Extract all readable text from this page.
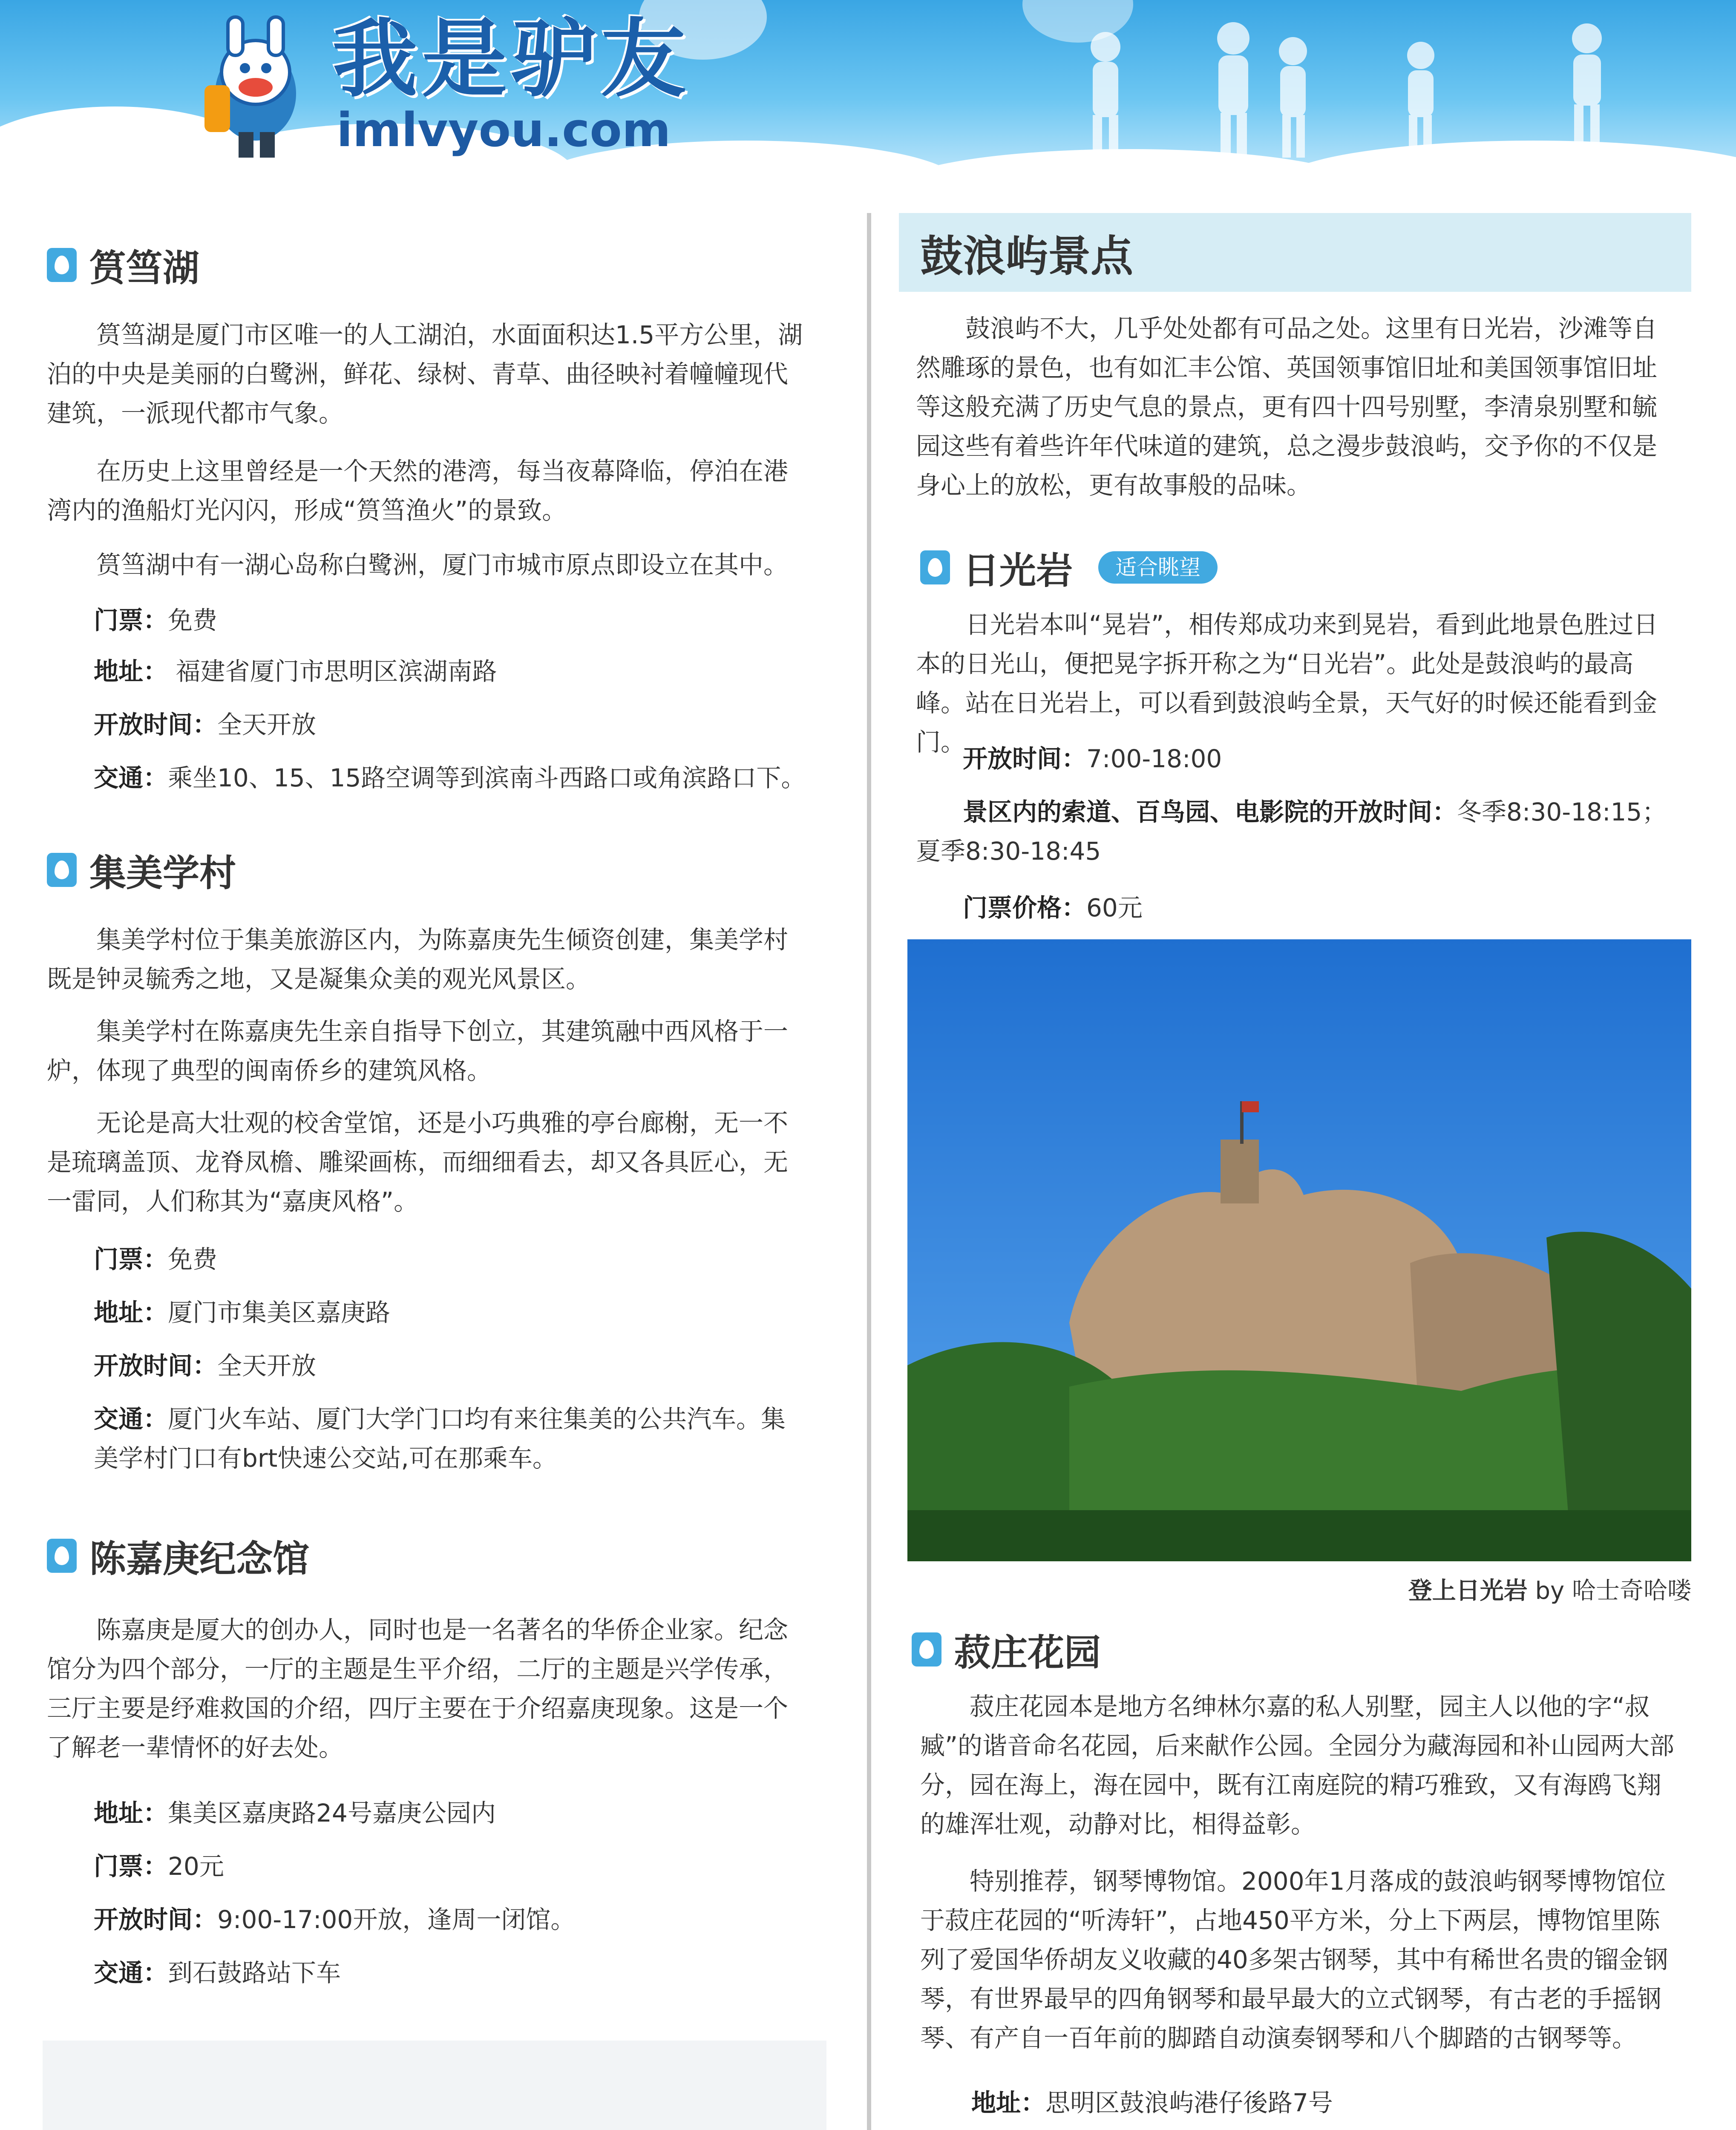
我是驴友
imlvyou.com
筼筜湖

筼筜湖是厦门市区唯一的人工湖泊，水面面积达1.5平方公里，湖泊的中央是美丽的白鹭洲，鲜花、绿树、青草、曲径映衬着幢幢现代建筑，一派现代都市气象。

在历史上这里曾经是一个天然的港湾，每当夜幕降临，停泊在港湾内的渔船灯光闪闪，形成“筼筜渔火”的景致。

筼筜湖中有一湖心岛称白鹭洲，厦门市城市原点即设立在其中。

门票：免费

地址： 福建省厦门市思明区滨湖南路

开放时间：全天开放

交通：乘坐10、15、15路空调等到滨南斗西路口或角滨路口下。

集美学村

集美学村位于集美旅游区内，为陈嘉庚先生倾资创建，集美学村既是钟灵毓秀之地，又是凝集众美的观光风景区。

集美学村在陈嘉庚先生亲自指导下创立，其建筑融中西风格于一炉，体现了典型的闽南侨乡的建筑风格。

无论是高大壮观的校舍堂馆，还是小巧典雅的亭台廊榭，无一不是琉璃盖顶、龙脊凤檐、雕梁画栋，而细细看去，却又各具匠心，无一雷同，人们称其为“嘉庚风格”。

门票：免费

地址：厦门市集美区嘉庚路

开放时间：全天开放

交通：厦门火车站、厦门大学门口均有来往集美的公共汽车。集美学村门口有brt快速公交站,可在那乘车。

陈嘉庚纪念馆

陈嘉庚是厦大的创办人，同时也是一名著名的华侨企业家。纪念馆分为四个部分，一厅的主题是生平介绍，二厅的主题是兴学传承，三厅主要是纾难救国的介绍，四厅主要在于介绍嘉庚现象。这是一个了解老一辈情怀的好去处。

地址：集美区嘉庚路24号嘉庚公园内

门票：20元

开放时间：9:00-17:00开放，逢周一闭馆。

交通：到石鼓路站下车

鼓浪屿景点

鼓浪屿不大，几乎处处都有可品之处。这里有日光岩，沙滩等自然雕琢的景色，也有如汇丰公馆、英国领事馆旧址和美国领事馆旧址等这般充满了历史气息的景点，更有四十四号别墅，李清泉别墅和毓园这些有着些许年代味道的建筑，总之漫步鼓浪屿，交予你的不仅是身心上的放松，更有故事般的品味。

日光岩	适合眺望

日光岩本叫“晃岩”，相传郑成功来到晃岩，看到此地景色胜过日本的日光山，便把晃字拆开称之为“日光岩”。此处是鼓浪屿的最高峰。站在日光岩上，可以看到鼓浪屿全景，天气好的时候还能看到金门。

开放时间：7:00-18:00

景区内的索道、百鸟园、电影院的开放时间：冬季8:30-18:15；夏季8:30-18:45

门票价格：60元

登上日光岩 by 哈士奇哈喽
菽庄花园

菽庄花园本是地方名绅林尔嘉的私人别墅，园主人以他的字“叔臧”的谐音命名花园，后来献作公园。全园分为藏海园和补山园两大部分，园在海上，海在园中，既有江南庭院的精巧雅致，又有海鸥飞翔的雄浑壮观，动静对比，相得益彰。

特别推荐，钢琴博物馆。2000年1月落成的鼓浪屿钢琴博物馆位于菽庄花园的“听涛轩”，占地450平方米，分上下两层，博物馆里陈列了爱国华侨胡友义收藏的40多架古钢琴，其中有稀世名贵的镏金钢琴，有世界最早的四角钢琴和最早最大的立式钢琴，有古老的手摇钢琴、有产自一百年前的脚踏自动演奏钢琴和八个脚踏的古钢琴等。

地址：思明区鼓浪屿港仔後路7号
